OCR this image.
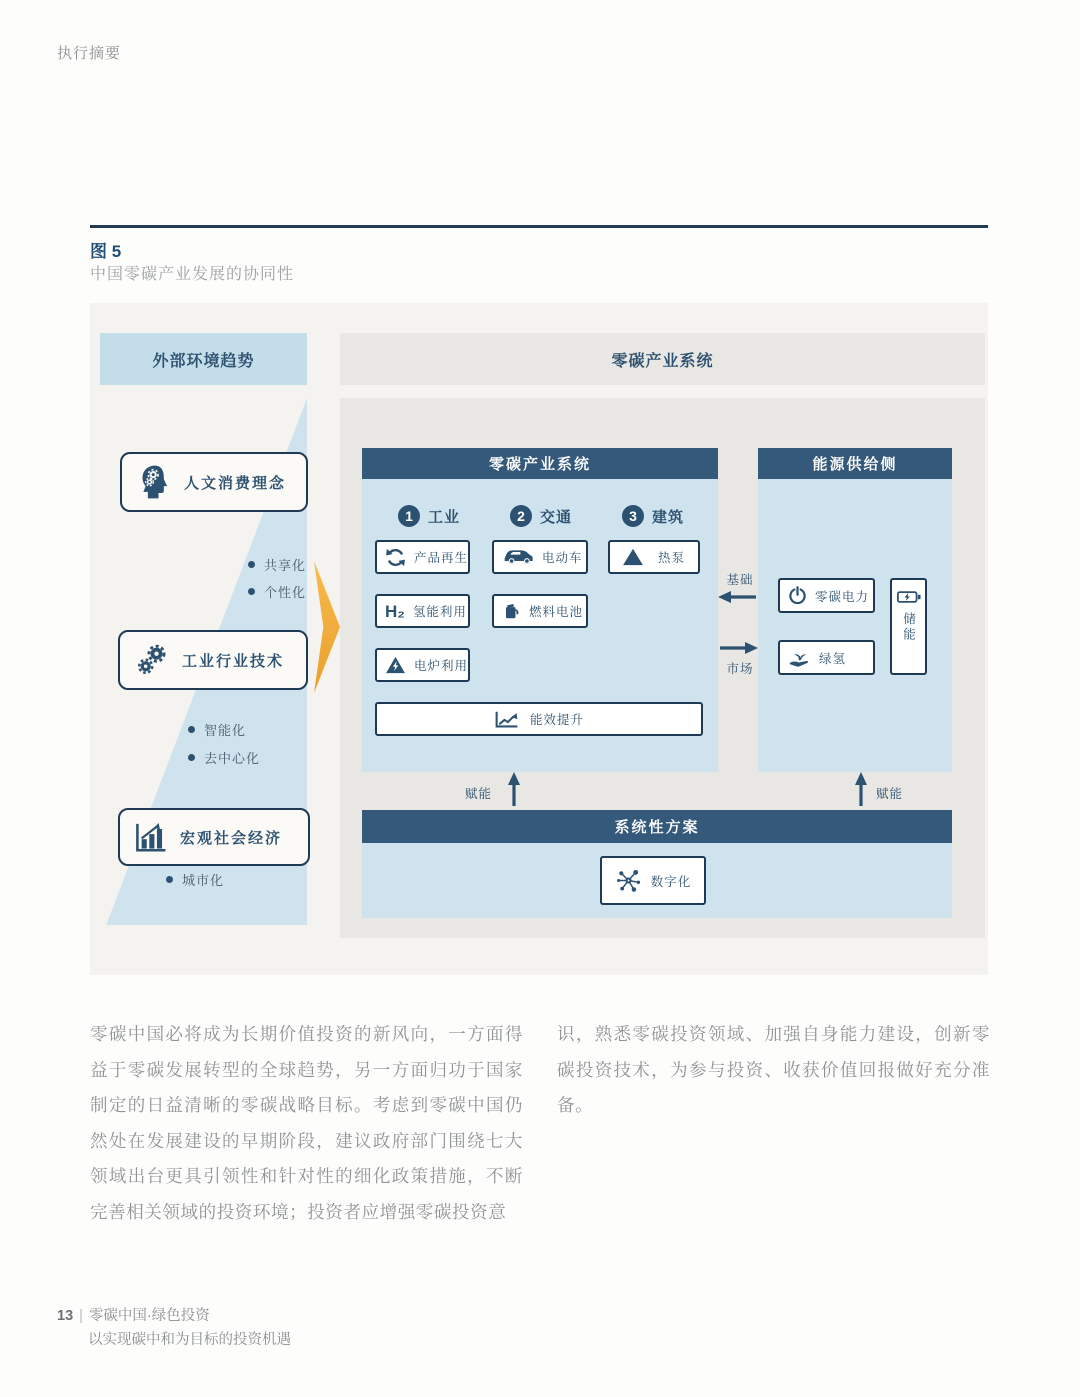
执行摘要
图 5
中国零碳产业发展的协同性
外部环境趋势	零碳产业系统
人文消费理念
共享化
个性化
工业行业技术
智能化
去中心化
宏观社会经济
城市化
零碳产业系统
1	工业	2	交通	3	建筑
产品再生	电动车	热泵
H₂ 氢能利用	燃料电池
电炉利用
能效提升
能源供给侧
零碳电力
绿氢
储能
基础
市场
赋能	赋能
系统性方案
数字化
零碳中国必将成为长期价值投资的新风向，一方面得益于零碳发展转型的全球趋势，另一方面归功于国家制定的日益清晰的零碳战略目标。考虑到零碳中国仍然处在发展建设的早期阶段，建议政府部门围绕七大领域出台更具引领性和针对性的细化政策措施，不断完善相关领域的投资环境；投资者应增强零碳投资意
识，熟悉零碳投资领域、加强自身能力建设，创新零碳投资技术，为参与投资、收获价值回报做好充分准备。
13 | 零碳中国·绿色投资
以实现碳中和为目标的投资机遇
